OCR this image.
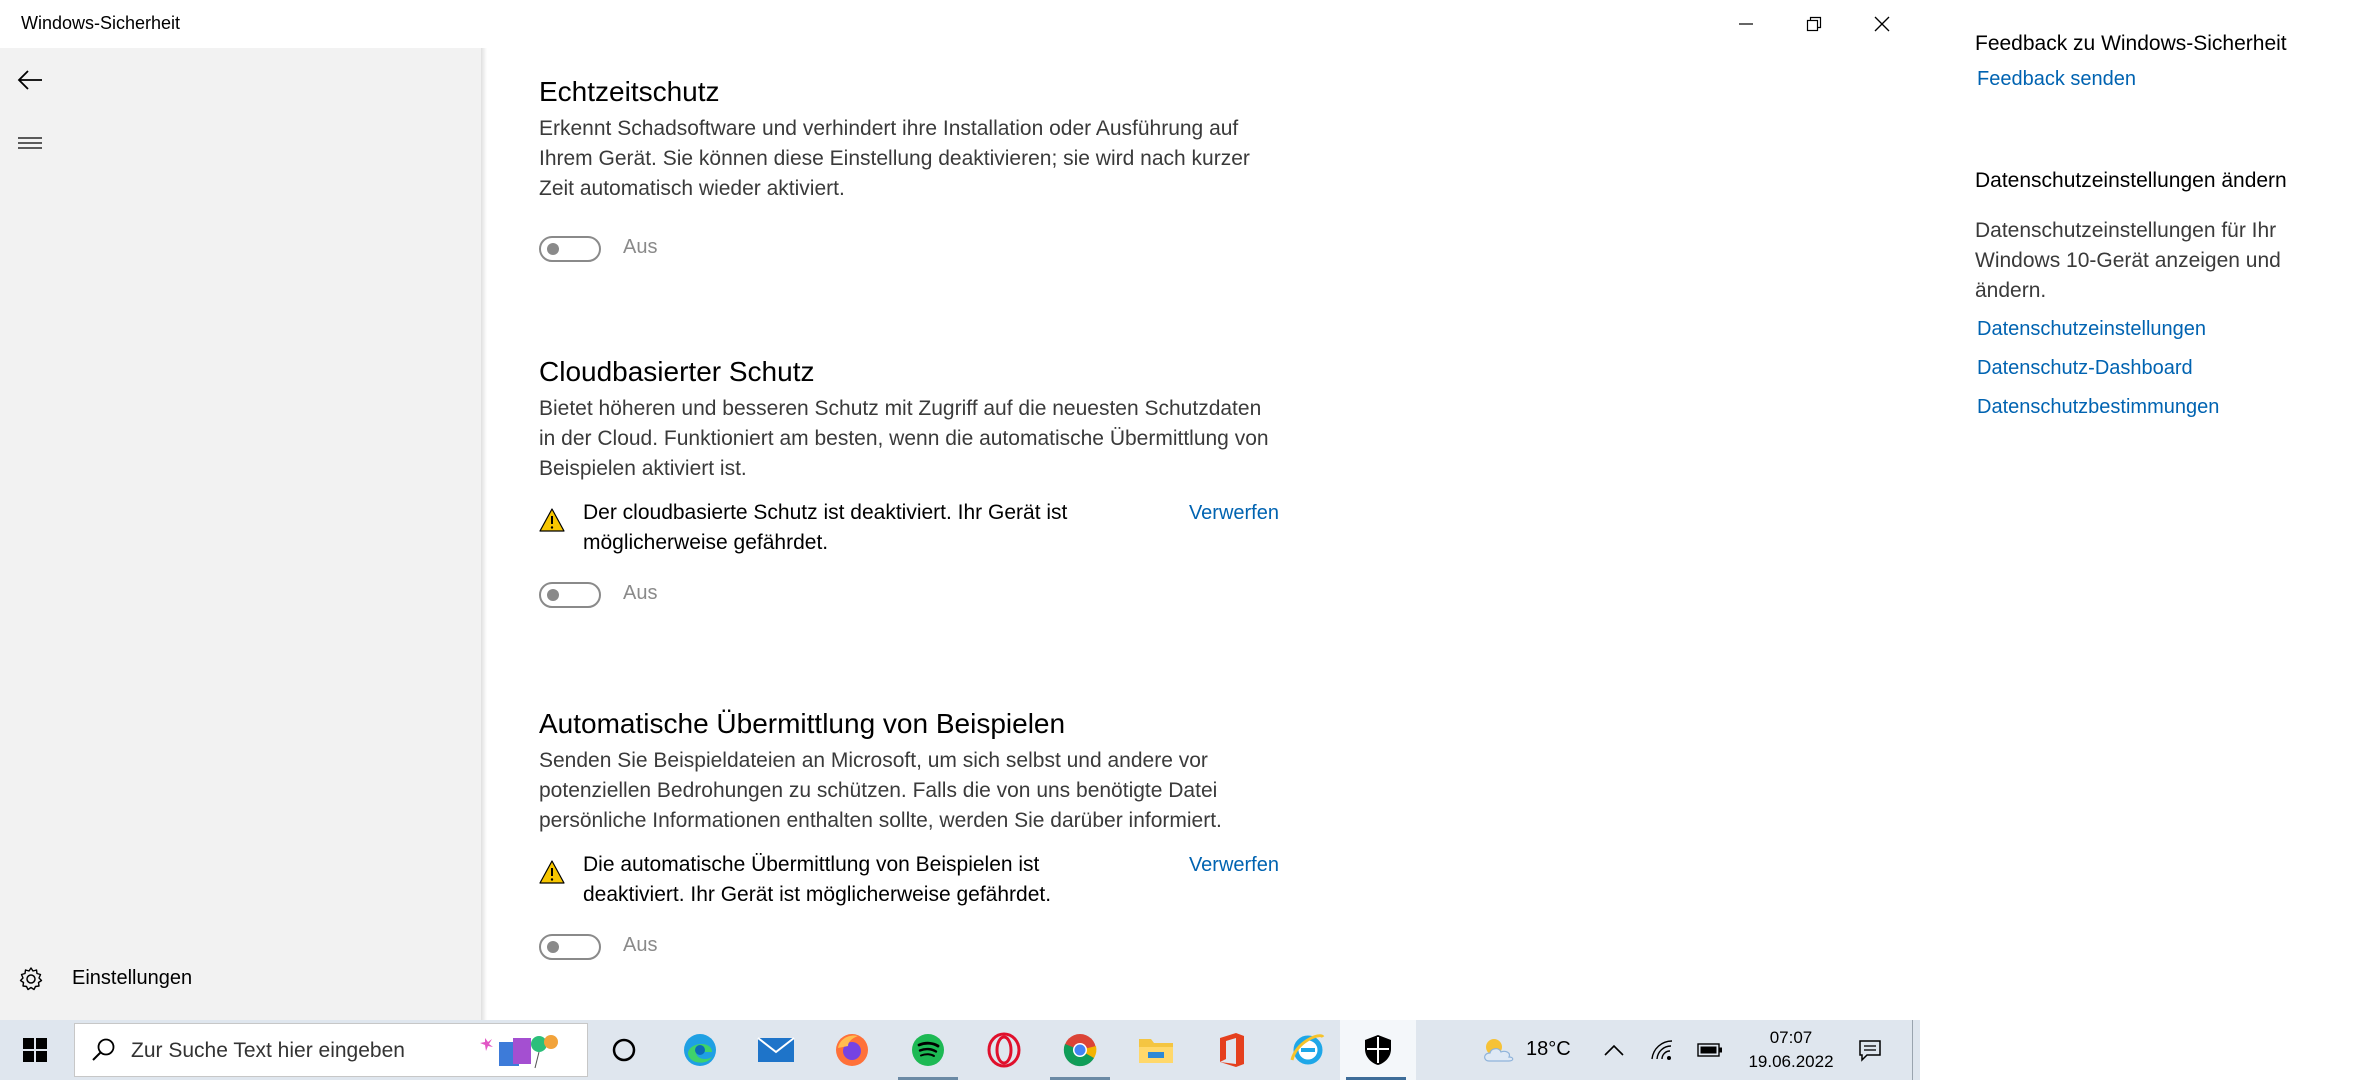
Windows-Sicherheit
Einstellungen
Echtzeitschutz
Erkennt Schadsoftware und verhindert ihre Installation oder Ausführung auf Ihrem Gerät. Sie können diese Einstellung deaktivieren; sie wird nach kurzer Zeit automatisch wieder aktiviert.
Aus
Cloudbasierter Schutz
Bietet höheren und besseren Schutz mit Zugriff auf die neuesten Schutzdaten in der Cloud. Funktioniert am besten, wenn die automatische Übermittlung von Beispielen aktiviert ist.
Der cloudbasierte Schutz ist deaktiviert. Ihr Gerät ist möglicherweise gefährdet.
Verwerfen
Aus
Automatische Übermittlung von Beispielen
Senden Sie Beispieldateien an Microsoft, um sich selbst und andere vor potenziellen Bedrohungen zu schützen. Falls die von uns benötigte Datei persönliche Informationen enthalten sollte, werden Sie darüber informiert.
Die automatische Übermittlung von Beispielen ist deaktiviert. Ihr Gerät ist möglicherweise gefährdet.
Verwerfen
Aus
Feedback zu Windows-Sicherheit
Feedback senden
Datenschutzeinstellungen ändern
Datenschutzeinstellungen für Ihr Windows 10-Gerät anzeigen und ändern.
Datenschutzeinstellungen
Datenschutz-Dashboard
Datenschutzbestimmungen
Zur Suche Text hier eingeben	18°C
07:07
19.06.2022
